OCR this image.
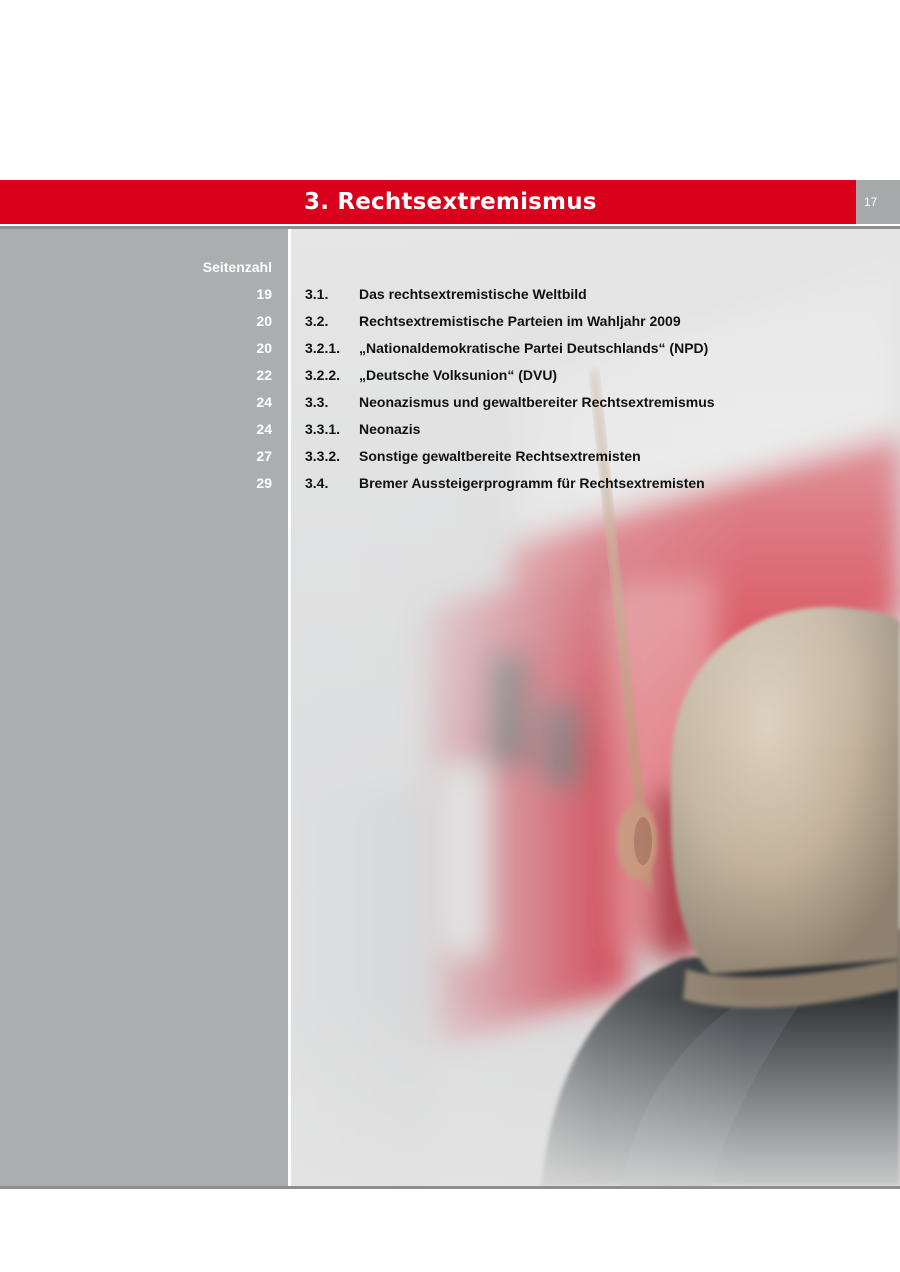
3. Rechtsextremismus	17
Seitenzahl
19 3.1. Das rechtsextremistische Weltbild
20 3.2. Rechtsextremistische Parteien im Wahljahr 2009
20 3.2.1. „Nationaldemokratische Partei Deutschlands“ (NPD)
22 3.2.2. „Deutsche Volksunion“ (DVU)
24 3.3. Neonazismus und gewaltbereiter Rechtsextremismus
24 3.3.1. Neonazis
27 3.3.2. Sonstige gewaltbereite Rechtsextremisten
29 3.4. Bremer Aussteigerprogramm für Rechtsextremisten
